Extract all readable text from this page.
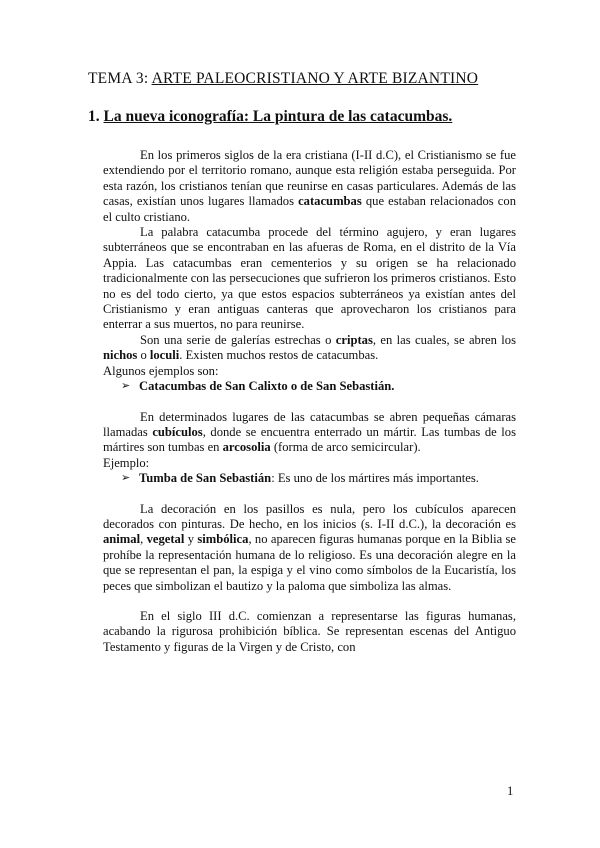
TEMA 3: ARTE PALEOCRISTIANO Y ARTE BIZANTINO
1. La nueva iconografía: La pintura de las catacumbas.

En los primeros siglos de la era cristiana (I-II d.C), el Cristianismo se fue extendiendo por el territorio romano, aunque esta religión estaba perseguida. Por esta razón, los cristianos tenían que reunirse en casas particulares. Además de las casas, existían unos lugares llamados catacumbas que estaban relacionados con el culto cristiano.

La palabra catacumba procede del término agujero, y eran lugares subterráneos que se encontraban en las afueras de Roma, en el distrito de la Vía Appia. Las catacumbas eran cementerios y su origen se ha relacionado tradicionalmente con las persecuciones que sufrieron los primeros cristianos. Esto no es del todo cierto, ya que estos espacios subterráneos ya existían antes del Cristianismo y eran antiguas canteras que aprovecharon los cristianos para enterrar a sus muertos, no para reunirse.

Son una serie de galerías estrechas o criptas, en las cuales, se abren los nichos o loculi. Existen muchos restos de catacumbas.

Algunos ejemplos son:

➢ Catacumbas de San Calixto o de San Sebastián.

En determinados lugares de las catacumbas se abren pequeñas cámaras llamadas cubículos, donde se encuentra enterrado un mártir. Las tumbas de los mártires son tumbas en arcosolia (forma de arco semicircular).

Ejemplo:

➢ Tumba de San Sebastián: Es uno de los mártires más importantes.

La decoración en los pasillos es nula, pero los cubículos aparecen decorados con pinturas. De hecho, en los inicios (s. I-II d.C.), la decoración es animal, vegetal y simbólica, no aparecen figuras humanas porque en la Biblia se prohíbe la representación humana de lo religioso. Es una decoración alegre en la que se representan el pan, la espiga y el vino como símbolos de la Eucaristía, los peces que simbolizan el bautizo y la paloma que simboliza las almas.

En el siglo III d.C. comienzan a representarse las figuras humanas, acabando la rigurosa prohibición bíblica. Se representan escenas del Antiguo Testamento y figuras de la Virgen y de Cristo, con

1
